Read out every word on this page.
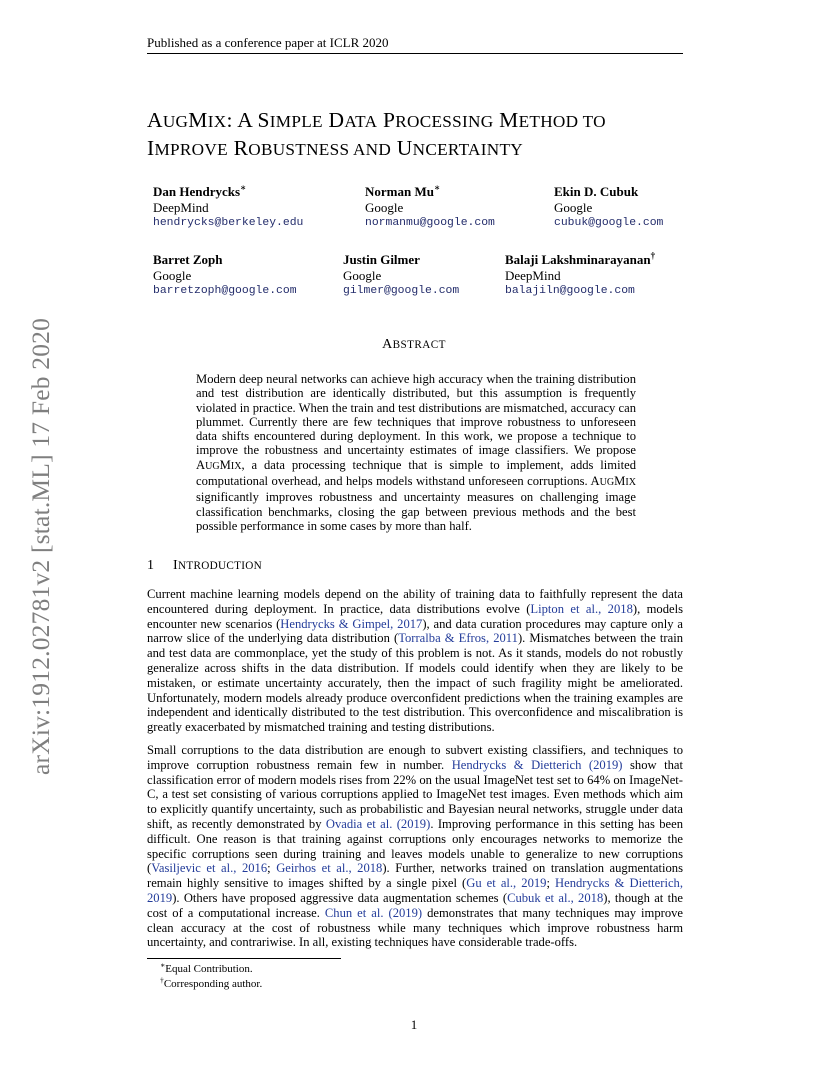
Published as a conference paper at ICLR 2020
arXiv:1912.02781v2 [stat.ML] 17 Feb 2020
AUGMIX: A SIMPLE DATA PROCESSING METHOD TO
IMPROVE ROBUSTNESS AND UNCERTAINTY
Dan Hendrycks∗
DeepMind
hendrycks@berkeley.edu
Norman Mu∗
Google
normanmu@google.com
Ekin D. Cubuk
Google
cubuk@google.com
Barret Zoph
Google
barretzoph@google.com
Justin Gilmer
Google
gilmer@google.com
Balaji Lakshminarayanan†
DeepMind
balajiln@google.com
ABSTRACT
Modern deep neural networks can achieve high accuracy when the training distribution and test distribution are identically distributed, but this assumption is frequently violated in practice. When the train and test distributions are mismatched, accuracy can plummet. Currently there are few techniques that improve robustness to unforeseen data shifts encountered during deployment. In this work, we propose a technique to improve the robustness and uncertainty estimates of image classifiers. We propose AUGMIX, a data processing technique that is simple to implement, adds limited computational overhead, and helps models withstand unforeseen corruptions. AUGMIX significantly improves robustness and uncertainty measures on challenging image classification benchmarks, closing the gap between previous methods and the best possible performance in some cases by more than half.
1 INTRODUCTION
Current machine learning models depend on the ability of training data to faithfully represent the data encountered during deployment. In practice, data distributions evolve (Lipton et al., 2018), models encounter new scenarios (Hendrycks & Gimpel, 2017), and data curation procedures may capture only a narrow slice of the underlying data distribution (Torralba & Efros, 2011). Mismatches between the train and test data are commonplace, yet the study of this problem is not. As it stands, models do not robustly generalize across shifts in the data distribution. If models could identify when they are likely to be mistaken, or estimate uncertainty accurately, then the impact of such fragility might be ameliorated. Unfortunately, modern models already produce overconfident predictions when the training examples are independent and identically distributed to the test distribution. This overconfidence and miscalibration is greatly exacerbated by mismatched training and testing distributions.
Small corruptions to the data distribution are enough to subvert existing classifiers, and techniques to improve corruption robustness remain few in number. Hendrycks & Dietterich (2019) show that classification error of modern models rises from 22% on the usual ImageNet test set to 64% on ImageNet-C, a test set consisting of various corruptions applied to ImageNet test images. Even methods which aim to explicitly quantify uncertainty, such as probabilistic and Bayesian neural networks, struggle under data shift, as recently demonstrated by Ovadia et al. (2019). Improving performance in this setting has been difficult. One reason is that training against corruptions only encourages networks to memorize the specific corruptions seen during training and leaves models unable to generalize to new corruptions (Vasiljevic et al., 2016; Geirhos et al., 2018). Further, networks trained on translation augmentations remain highly sensitive to images shifted by a single pixel (Gu et al., 2019; Hendrycks & Dietterich, 2019). Others have proposed aggressive data augmentation schemes (Cubuk et al., 2018), though at the cost of a computational increase. Chun et al. (2019) demonstrates that many techniques may improve clean accuracy at the cost of robustness while many techniques which improve robustness harm uncertainty, and contrariwise. In all, existing techniques have considerable trade-offs.
∗Equal Contribution.
†Corresponding author.
1
